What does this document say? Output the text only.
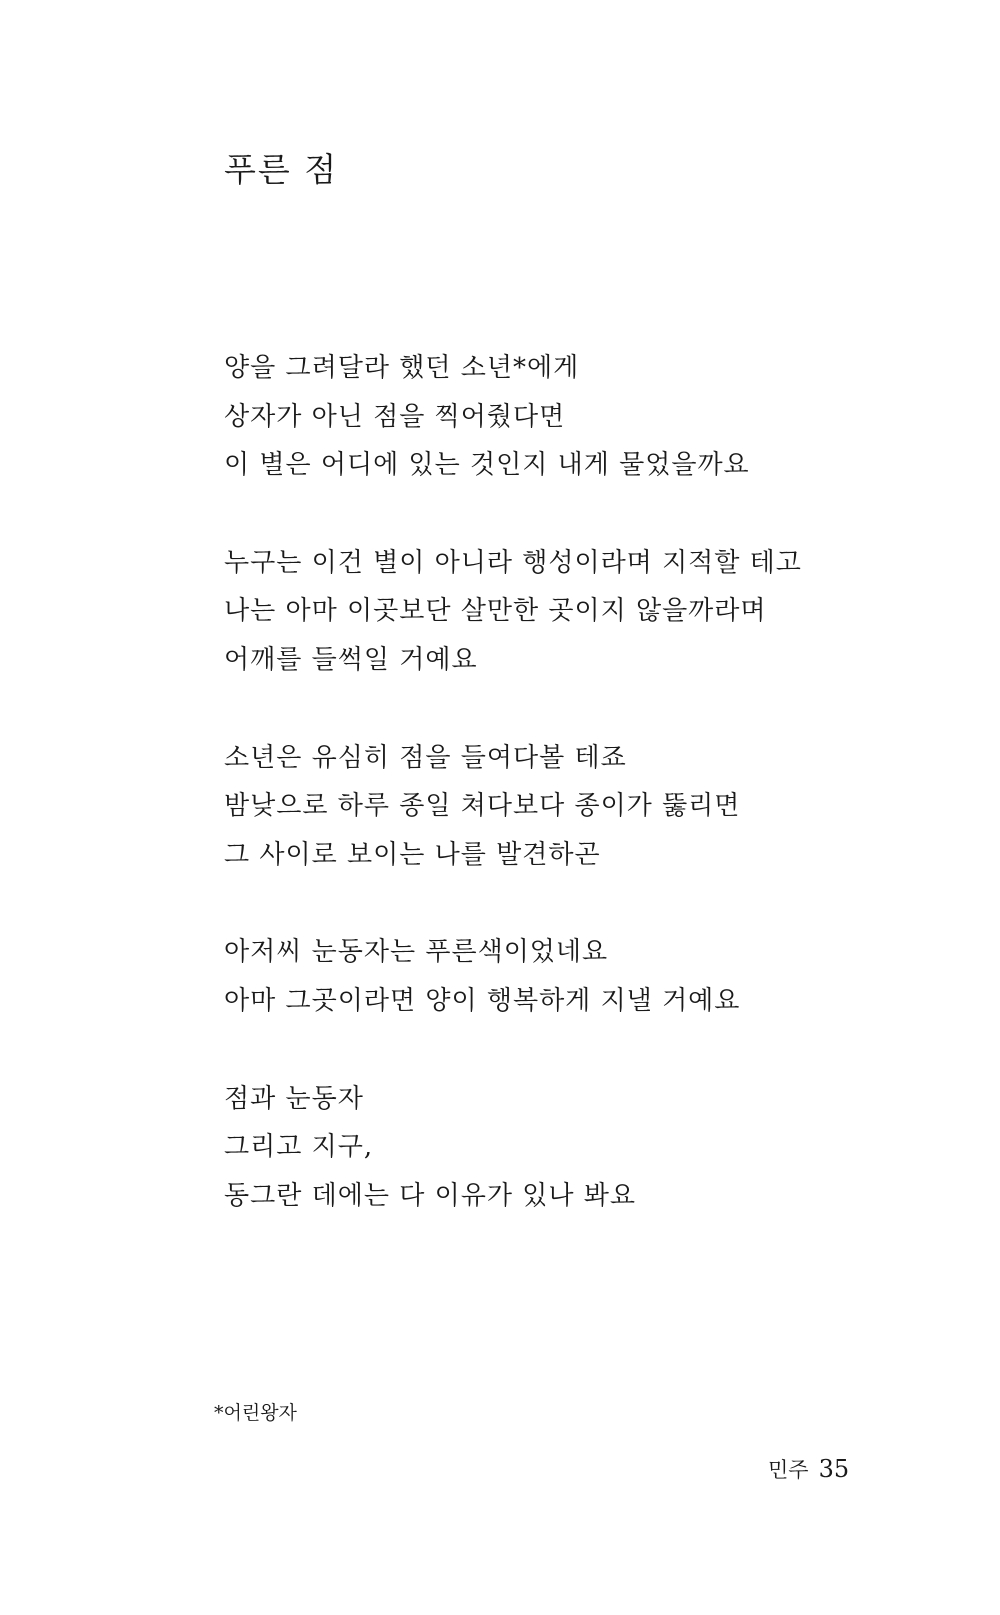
푸른 점
양을 그려달라 했던 소년*에게
상자가 아닌 점을 찍어줬다면
이 별은 어디에 있는 것인지 내게 물었을까요
누구는 이건 별이 아니라 행성이라며 지적할 테고
나는 아마 이곳보단 살만한 곳이지 않을까라며
어깨를 들썩일 거예요
소년은 유심히 점을 들여다볼 테죠
밤낮으로 하루 종일 쳐다보다 종이가 뚫리면
그 사이로 보이는 나를 발견하곤
아저씨 눈동자는 푸른색이었네요
아마 그곳이라면 양이 행복하게 지낼 거예요
점과 눈동자
그리고 지구,
동그란 데에는 다 이유가 있나 봐요
*어린왕자
민주 35
